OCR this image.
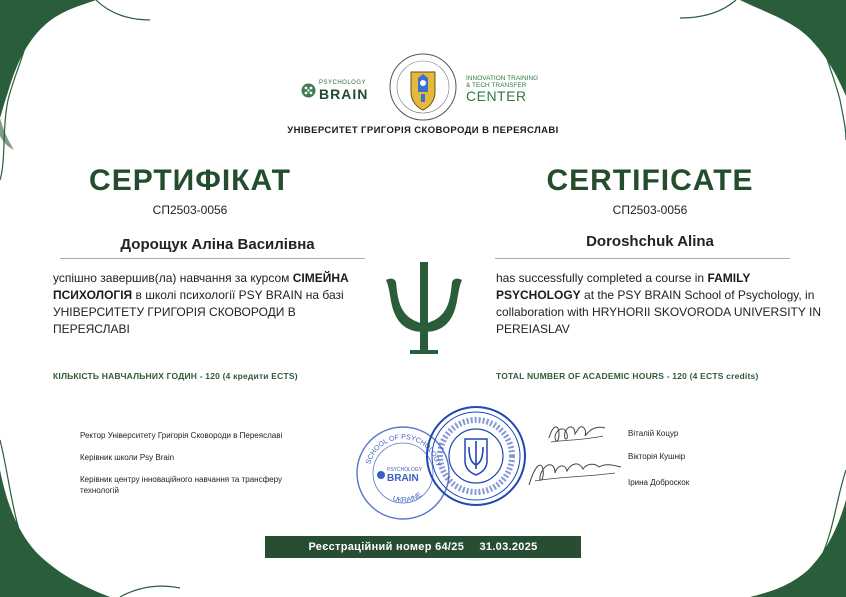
PSYCHOLOGY
BRAIN
INNOVATION TRAINING
& TECH TRANSFER
CENTER
УНІВЕРСИТЕТ ГРИГОРІЯ СКОВОРОДИ В ПЕРЕЯСЛАВІ
СЕРТИФІКАТ	CERTIFICATE
СП2503-0056	СП2503-0056
Дорощук Аліна Василівна	Doroshchuk Alina
успішно завершив(ла) навчання за курсом СІМЕЙНА ПСИХОЛОГІЯ в школі психології PSY BRAIN на базі УНІВЕРСИТЕТУ ГРИГОРІЯ СКОВОРОДИ В ПЕРЕЯСЛАВІ
has successfully completed a course in FAMILY PSYCHOLOGY at the PSY BRAIN School of Psychology, in collaboration with HRYHORII SKOVORODA UNIVERSITY IN PEREIASLAV
КІЛЬКІСТЬ НАВЧАЛЬНИХ ГОДИН - 120 (4 кредити ECTS)	TOTAL NUMBER OF ACADEMIC HOURS - 120 (4 ECTS credits)
Ректор Університету Григорія Сковороди в Переяславі
Керівник школи Psy Brain
Керівник центру інноваційного навчання та трансферу технологій
SCHOOL OF PSYCHOLOGY
UKRAINE
PSYCHOLOGY
BRAIN
Віталій Коцур
Вікторія Кушнір
Ірина Доброскок
Реєстраційний номер 64/25 31.03.2025
